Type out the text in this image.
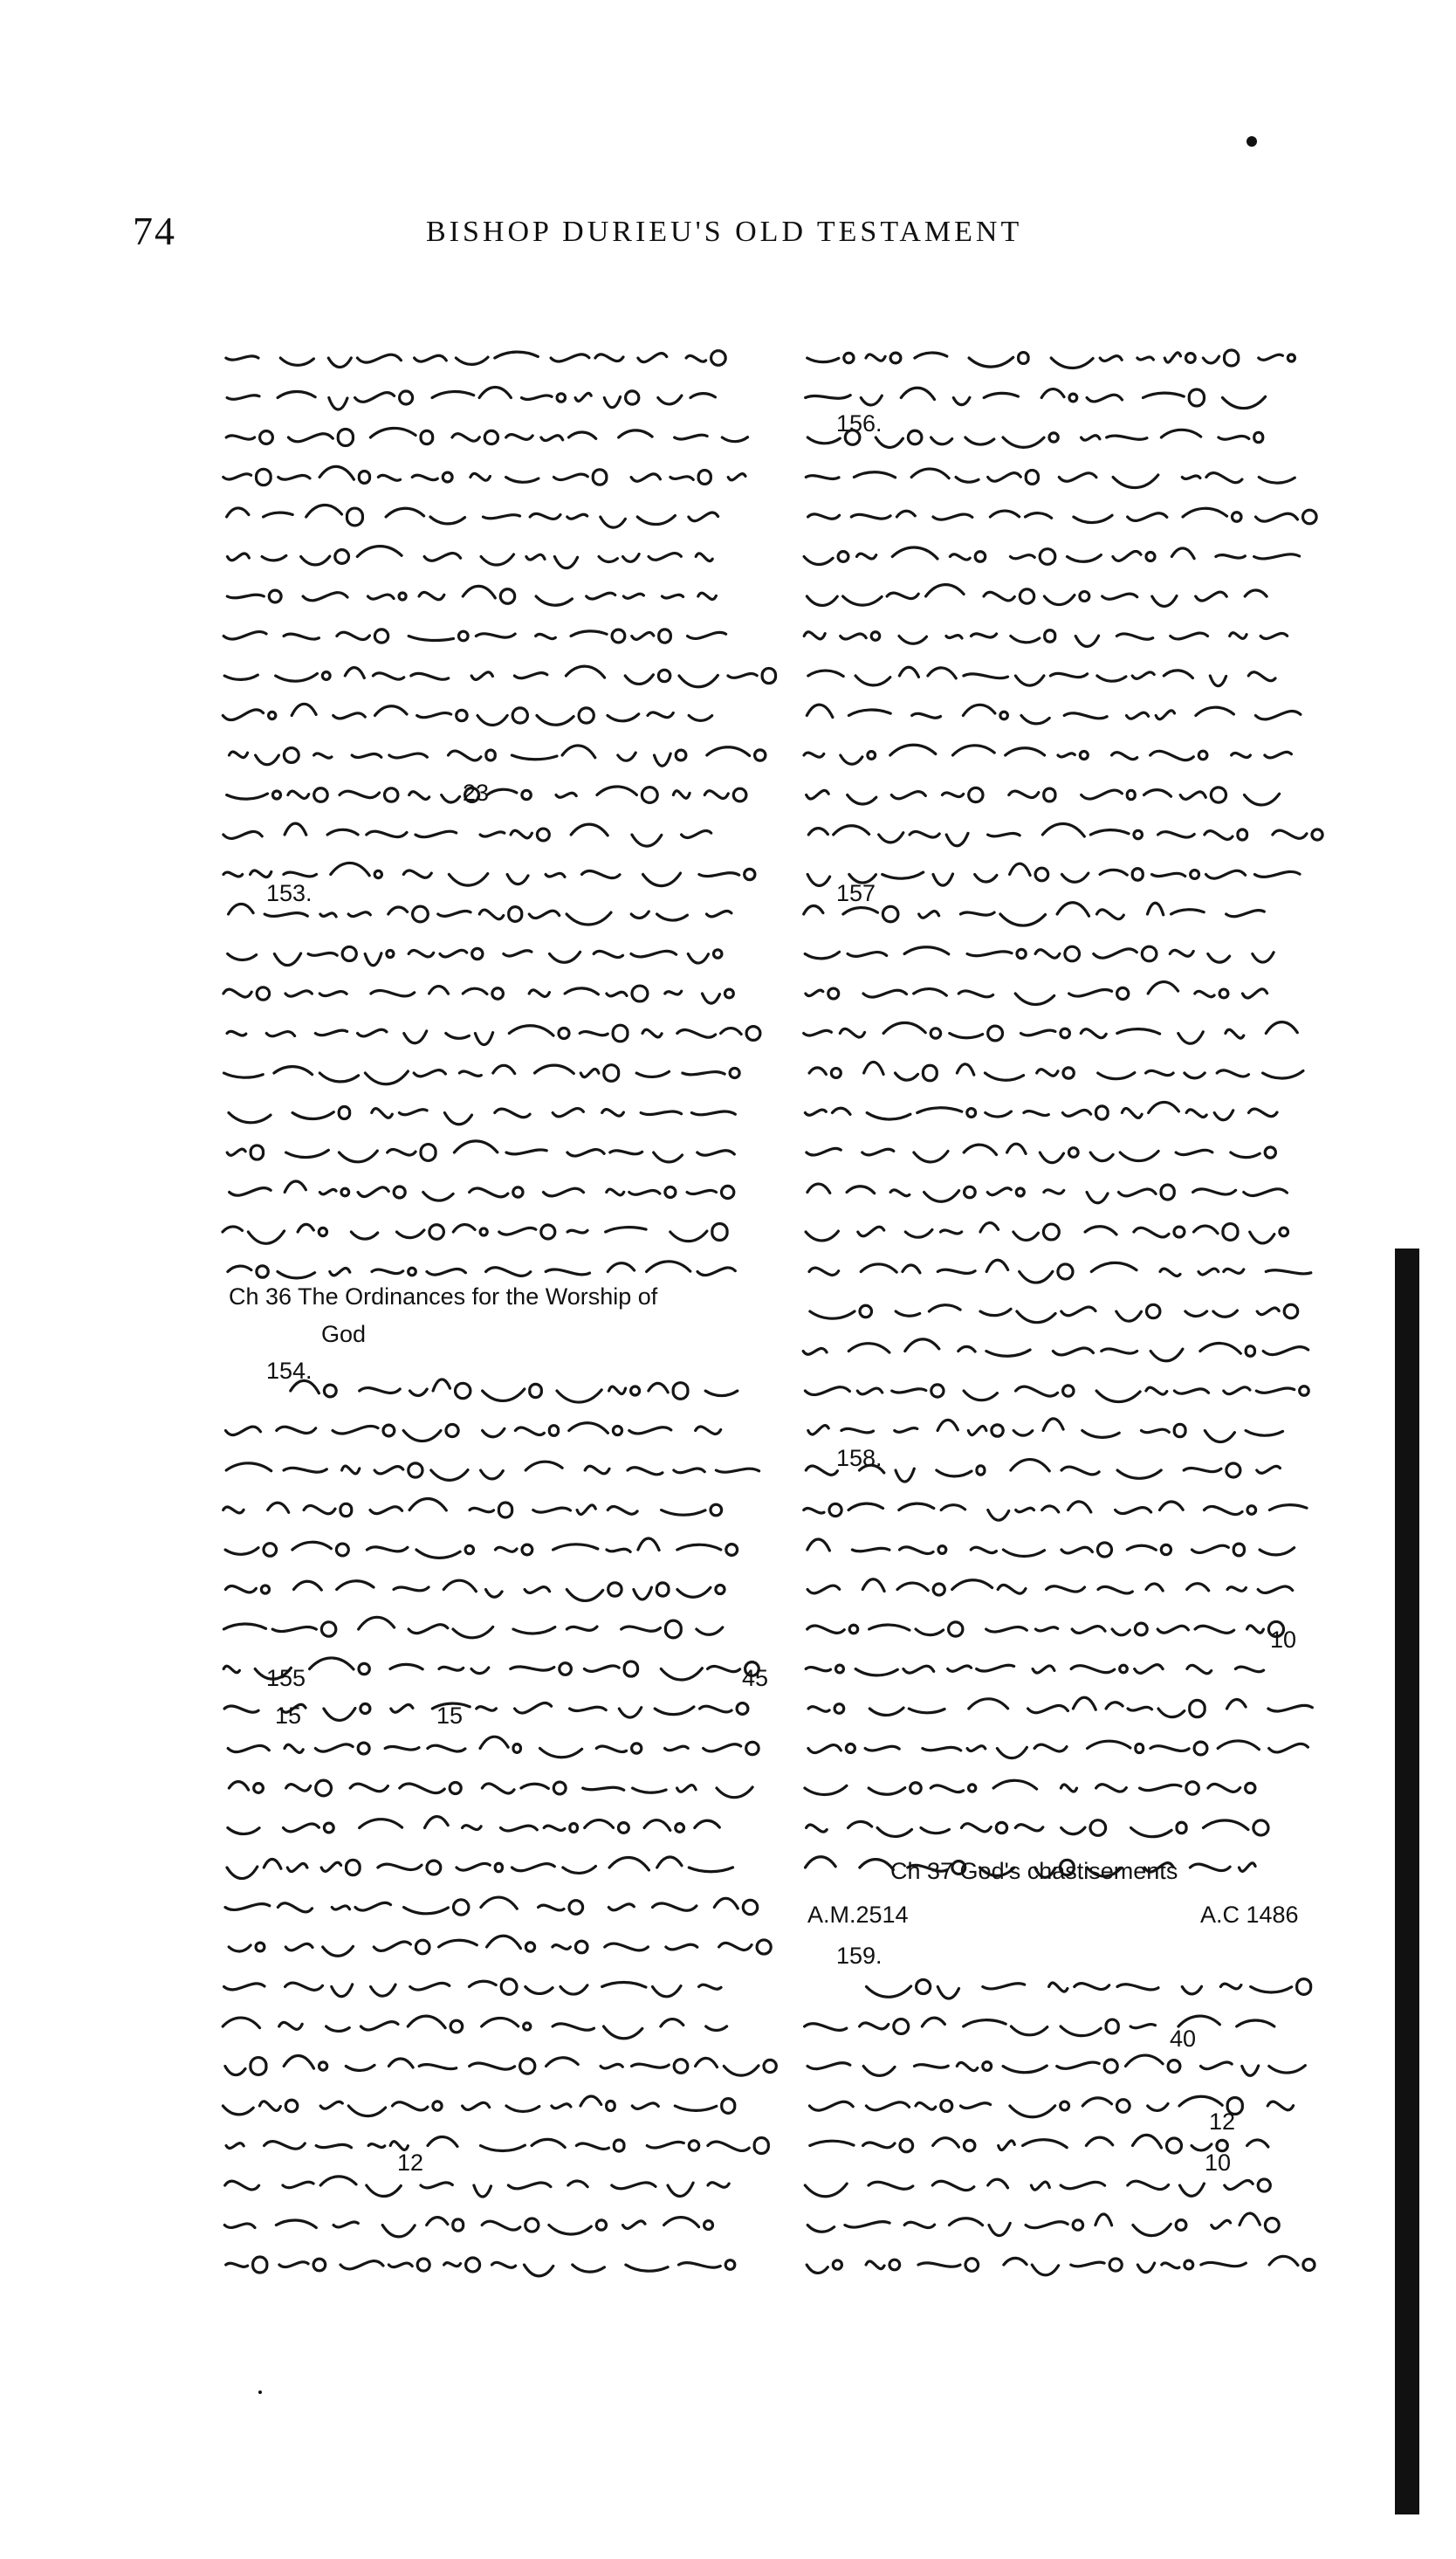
74	BISHOP DURIEU'S OLD TESTAMENT
153.
23
Ch 36 The Ordinances for the Worship of
God
154.
155	45
15	15
12
156.
157
158.
10
Ch 37 God's chastisements
A.M.2514	A.C 1486
159.
40
12
10
